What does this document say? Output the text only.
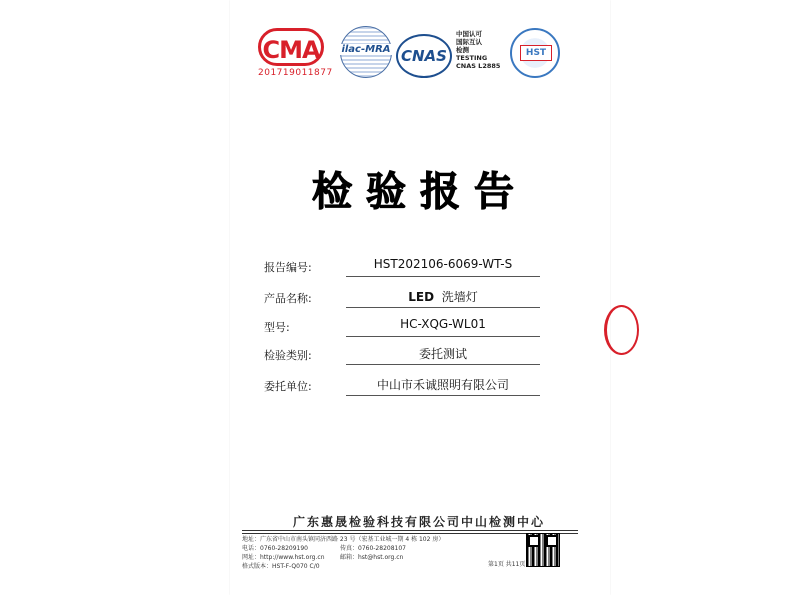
CMA
201719011877
ilac-MRA CNAS
中国认可
国际互认
检测
TESTING
CNAS L2885
HST
检验报告
报告编号:	HST202106-6069-WT-S
产品名称:	LED 洗墙灯
型号:	HC-XQG-WL01
检验类别:	委托测试
委托单位:	中山市禾诚照明有限公司
广东惠晟检验科技有限公司中山检测中心
地址：广东省中山市南头镇同济西路 23 号（宏基工业城一期 4 栋 102 房）
电话：0760-28209190	传真：0760-28208107
网址：http://www.hst.org.cn	邮箱：hst@hst.org.cn
格式版本：HST-F-Q070 C/0	第1页 共11页
